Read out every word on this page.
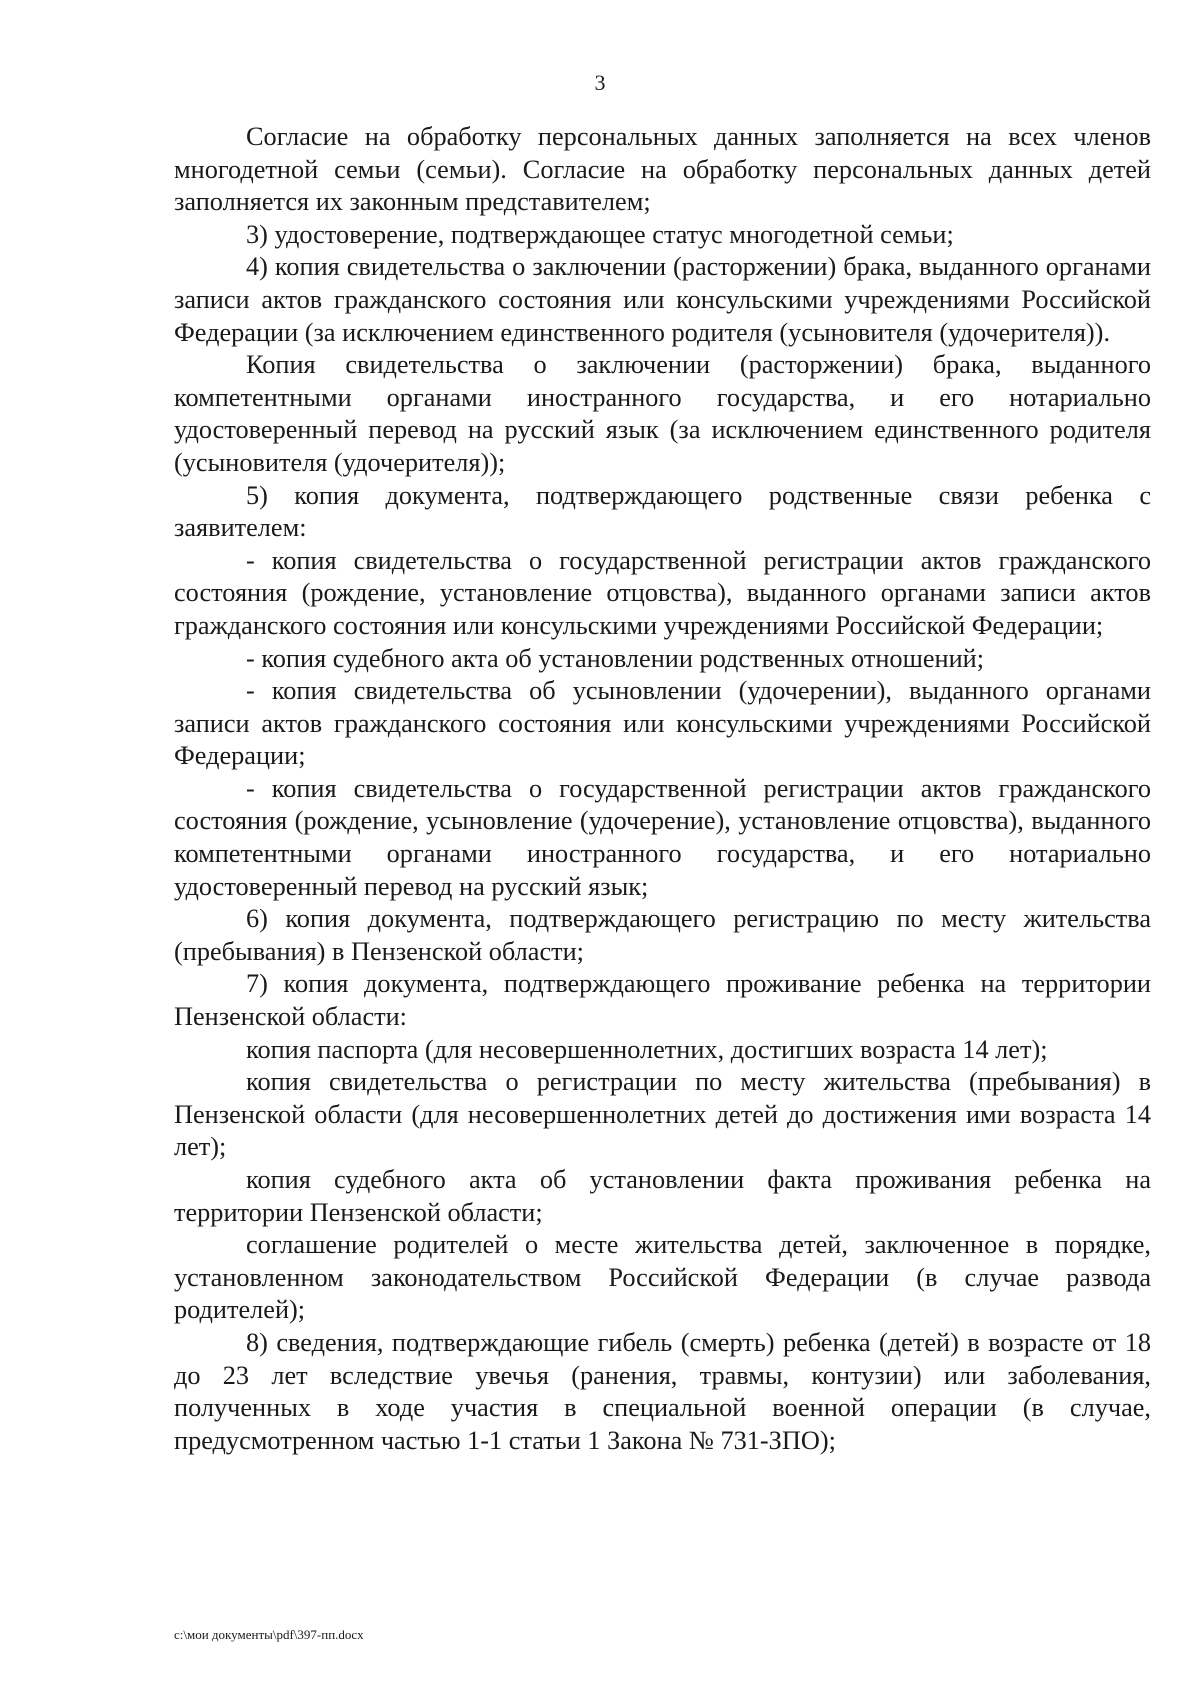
3

Согласие на обработку персональных данных заполняется на всех членов многодетной семьи (семьи). Согласие на обработку персональных данных детей заполняется их законным представителем;

3) удостоверение, подтверждающее статус многодетной семьи;

4) копия свидетельства о заключении (расторжении) брака, выданного органами записи актов гражданского состояния или консульскими учреждениями Российской Федерации (за исключением единственного родителя (усыновителя (удочерителя)).

Копия свидетельства о заключении (расторжении) брака, выданного компетентными органами иностранного государства, и его нотариально удостоверенный перевод на русский язык (за исключением единственного родителя (усыновителя (удочерителя));

5) копия документа, подтверждающего родственные связи ребенка с заявителем:

- копия свидетельства о государственной регистрации актов гражданского состояния (рождение, установление отцовства), выданного органами записи актов гражданского состояния или консульскими учреждениями Российской Федерации;

- копия судебного акта об установлении родственных отношений;

- копия свидетельства об усыновлении (удочерении), выданного органами записи актов гражданского состояния или консульскими учреждениями Российской Федерации;

- копия свидетельства о государственной регистрации актов гражданского состояния (рождение, усыновление (удочерение), установление отцовства), выданного компетентными органами иностранного государства, и его нотариально удостоверенный перевод на русский язык;

6) копия документа, подтверждающего регистрацию по месту жительства (пребывания) в Пензенской области;

7) копия документа, подтверждающего проживание ребенка на территории Пензенской области:

копия паспорта (для несовершеннолетних, достигших возраста 14 лет);

копия свидетельства о регистрации по месту жительства (пребывания) в Пензенской области (для несовершеннолетних детей до достижения ими возраста 14 лет);

копия судебного акта об установлении факта проживания ребенка на территории Пензенской области;

соглашение родителей о месте жительства детей, заключенное в порядке, установленном законодательством Российской Федерации (в случае развода родителей);

8) сведения, подтверждающие гибель (смерть) ребенка (детей) в возрасте от 18 до 23 лет вследствие увечья (ранения, травмы, контузии) или заболевания, полученных в ходе участия в специальной военной операции (в случае, предусмотренном частью 1-1 статьи 1 Закона № 731-ЗПО);

c:\мои документы\pdf\397-пп.docx
